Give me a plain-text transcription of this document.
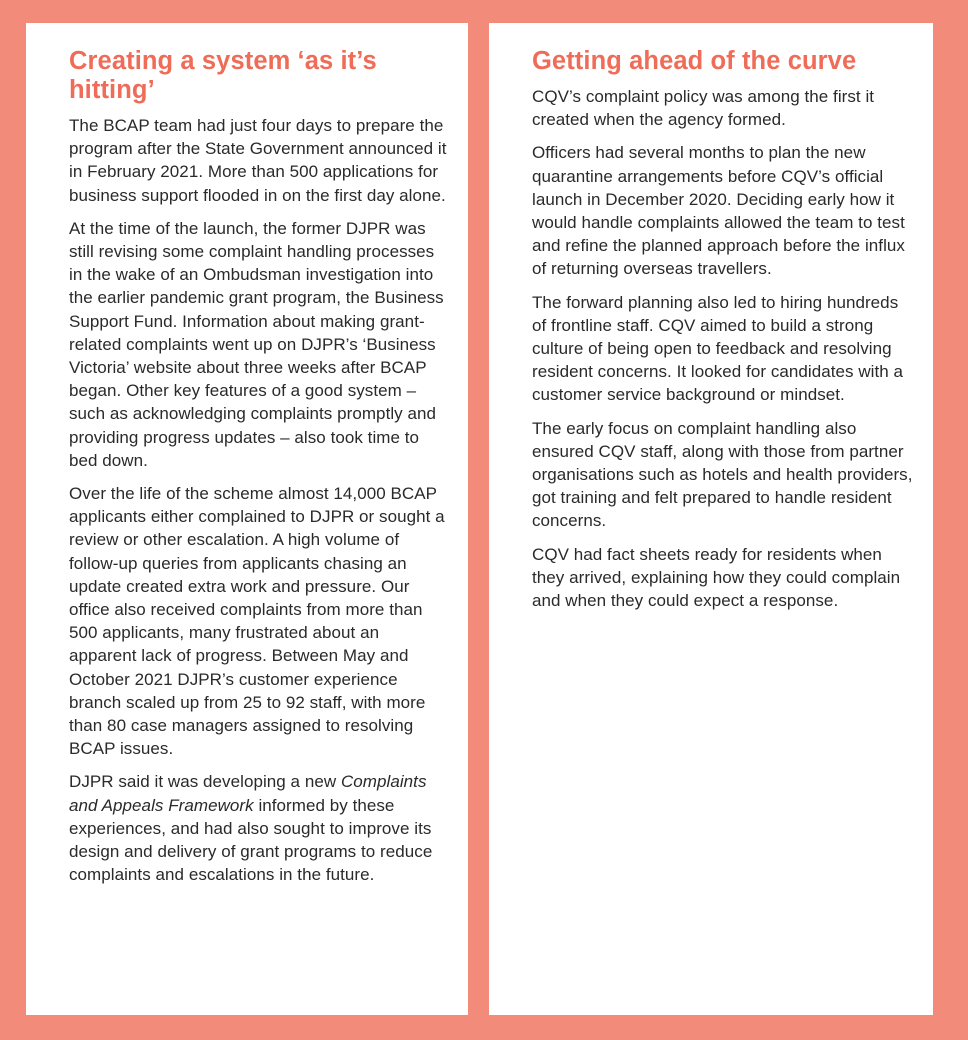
Creating a system ‘as it’s hitting’

The BCAP team had just four days to prepare the program after the State Government announced it in February 2021. More than 500 applications for business support flooded in on the first day alone.

At the time of the launch, the former DJPR was still revising some complaint handling processes in the wake of an Ombudsman investigation into the earlier pandemic grant program, the Business Support Fund. Information about making grant-related complaints went up on DJPR’s ‘Business Victoria’ website about three weeks after BCAP began. Other key features of a good system – such as acknowledging complaints promptly and providing progress updates – also took time to bed down.

Over the life of the scheme almost 14,000 BCAP applicants either complained to DJPR or sought a review or other escalation. A high volume of follow-up queries from applicants chasing an update created extra work and pressure. Our office also received complaints from more than 500 applicants, many frustrated about an apparent lack of progress. Between May and October 2021 DJPR’s customer experience branch scaled up from 25 to 92 staff, with more than 80 case managers assigned to resolving BCAP issues.

DJPR said it was developing a new Complaints and Appeals Framework informed by these experiences, and had also sought to improve its design and delivery of grant programs to reduce complaints and escalations in the future.

Getting ahead of the curve

CQV’s complaint policy was among the first it created when the agency formed.

Officers had several months to plan the new quarantine arrangements before CQV’s official launch in December 2020. Deciding early how it would handle complaints allowed the team to test and refine the planned approach before the influx of returning overseas travellers.

The forward planning also led to hiring hundreds of frontline staff. CQV aimed to build a strong culture of being open to feedback and resolving resident concerns. It looked for candidates with a customer service background or mindset.

The early focus on complaint handling also ensured CQV staff, along with those from partner organisations such as hotels and health providers, got training and felt prepared to handle resident concerns.

CQV had fact sheets ready for residents when they arrived, explaining how they could complain and when they could expect a response.
